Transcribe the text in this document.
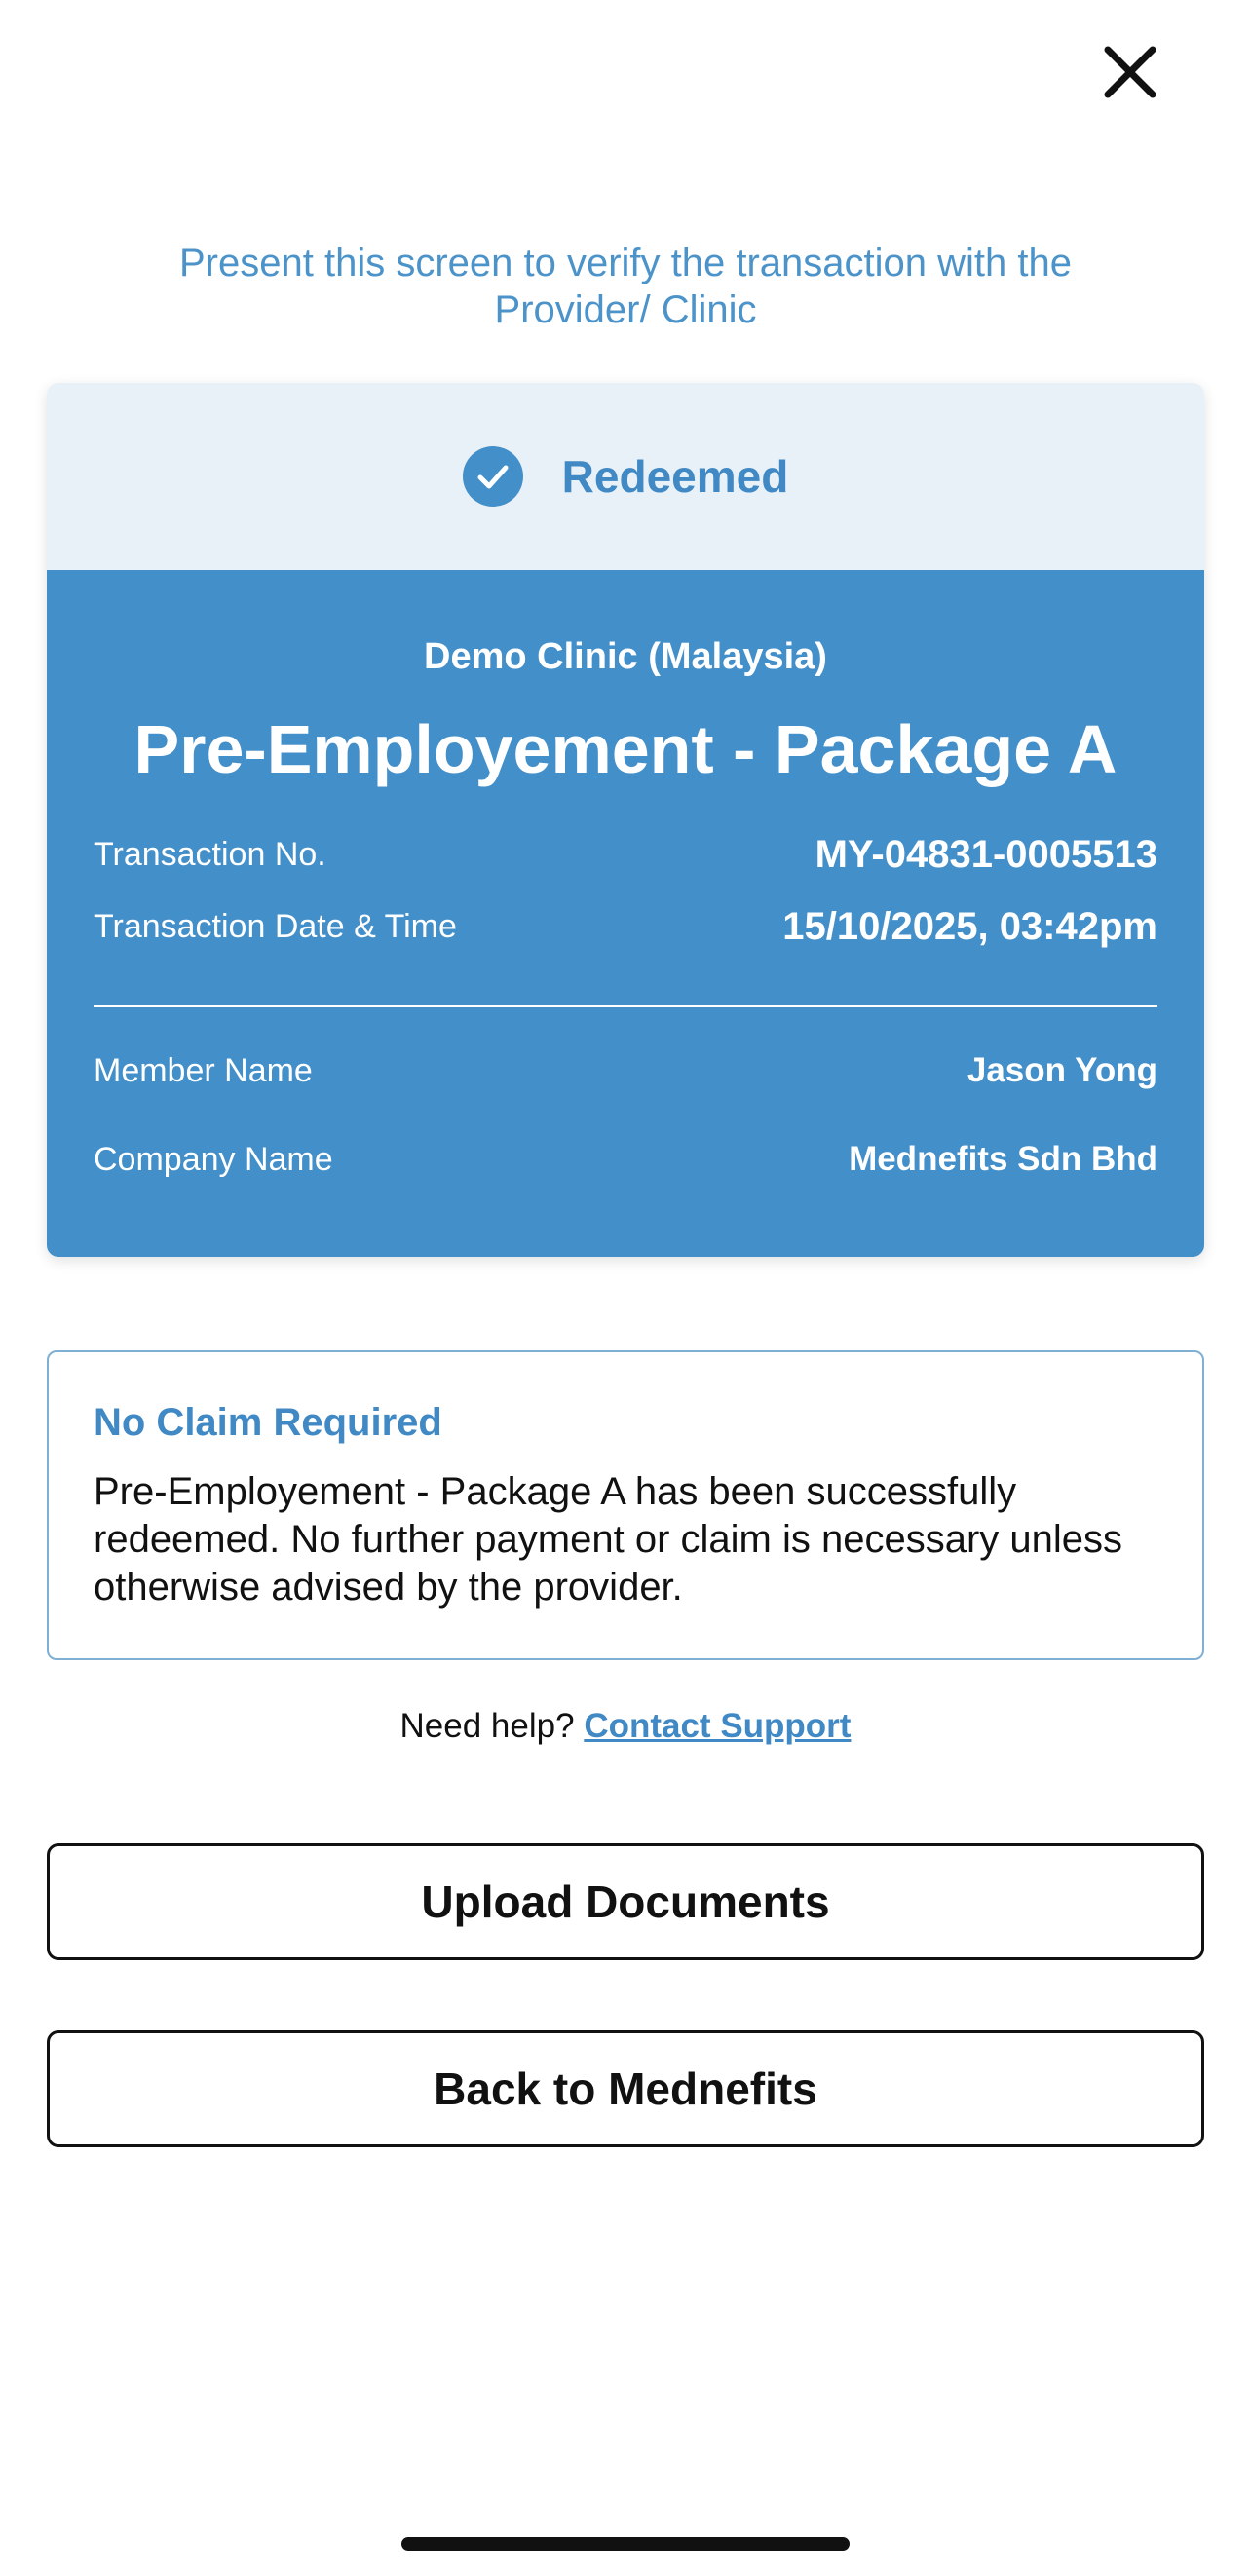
Present this screen to verify the transaction with the Provider/ Clinic
Redeemed
Demo Clinic (Malaysia)
Pre-Employement - Package A
Transaction No.	MY-04831-0005513
Transaction Date & Time	15/10/2025, 03:42pm
Member Name	Jason Yong
Company Name	Mednefits Sdn Bhd
No Claim Required
Pre-Employement - Package A has been successfully redeemed. No further payment or claim is necessary unless otherwise advised by the provider.
Need help? Contact Support
Upload Documents
Back to Mednefits
